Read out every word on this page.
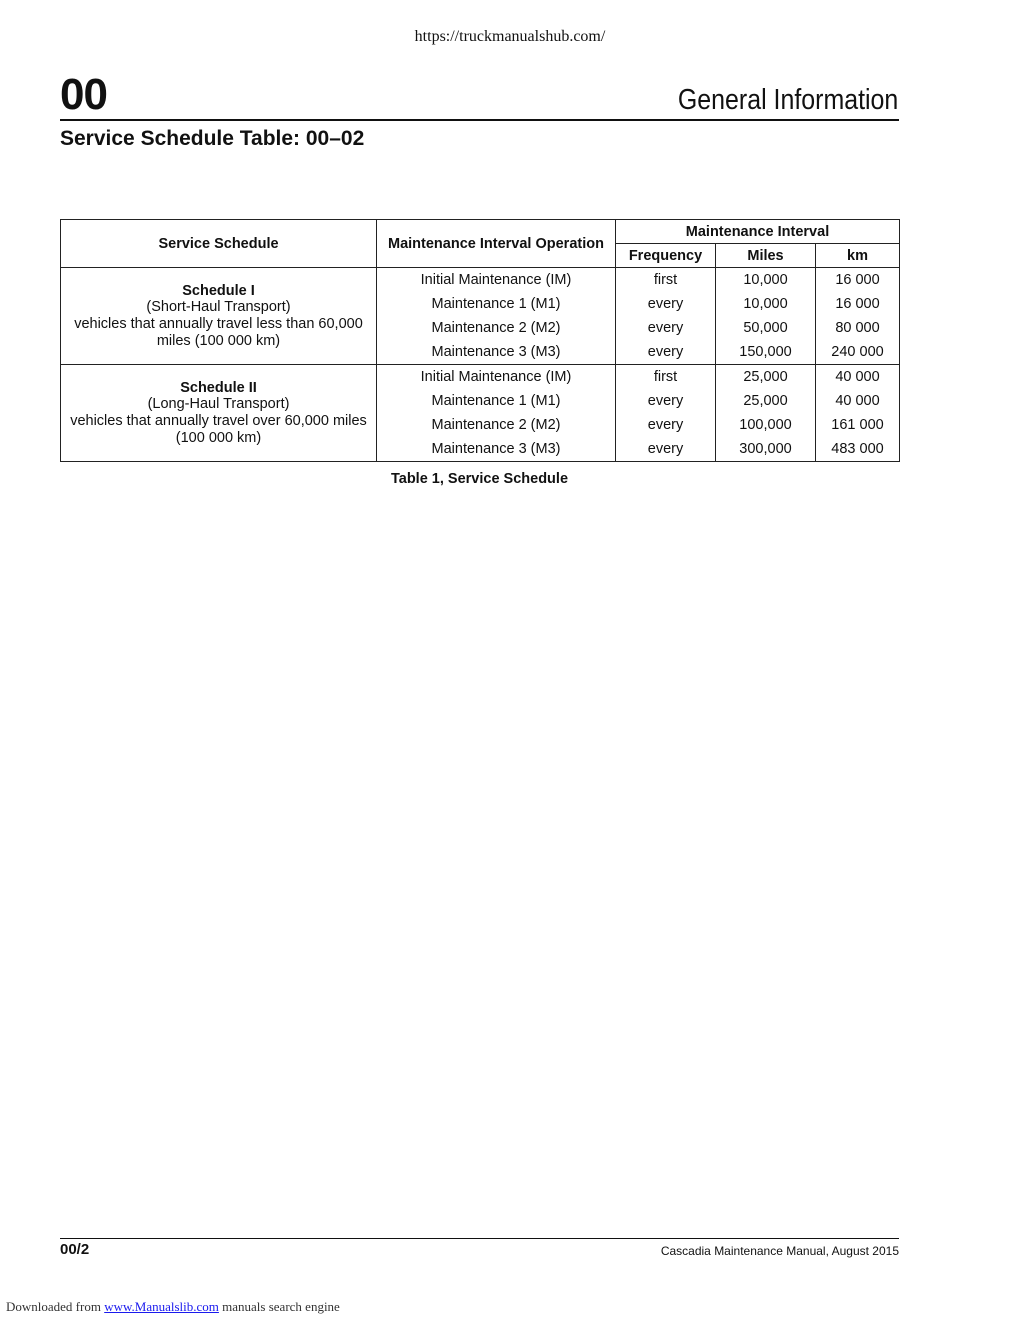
https://truckmanualshub.com/
00	General Information
Service Schedule Table: 00–02
Service Schedule	Maintenance Interval Operation	Maintenance Interval		
		Frequency	Miles	km

Schedule I
(Short-Haul Transport)
vehicles that annually travel less than 60,000 miles (100 000 km)	Initial Maintenance (IM)	first	10,000	16 000
	Maintenance 1 (M1)	every	10,000	16 000
	Maintenance 2 (M2)	every	50,000	80 000
	Maintenance 3 (M3)	every	150,000	240 000

Schedule II
(Long-Haul Transport)
vehicles that annually travel over 60,000 miles (100 000 km)	Initial Maintenance (IM)	first	25,000	40 000
	Maintenance 1 (M1)	every	25,000	40 000
	Maintenance 2 (M2)	every	100,000	161 000
	Maintenance 3 (M3)	every	300,000	483 000
Table 1, Service Schedule
00/2	Cascadia Maintenance Manual, August 2015
Downloaded from www.Manualslib.com manuals search engine
